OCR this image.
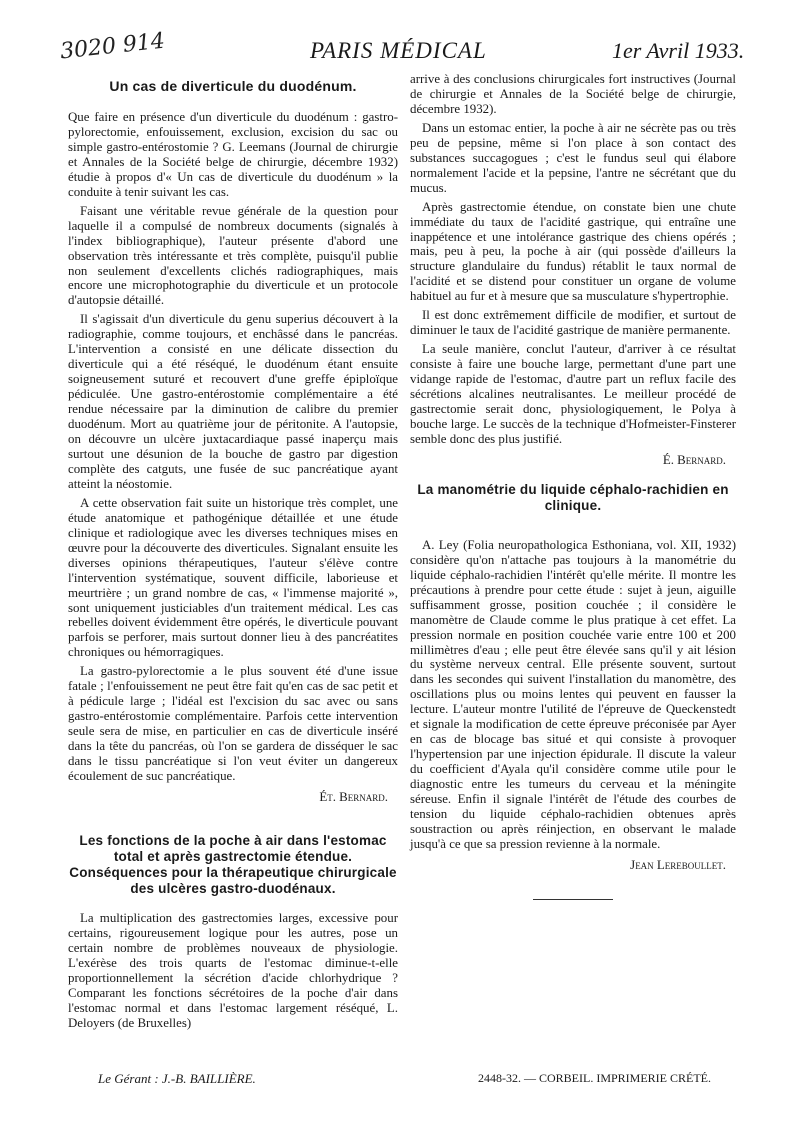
3020 914	PARIS MÉDICAL	1er Avril 1933.
Un cas de diverticule du duodénum.

Que faire en présence d'un diverticule du duodénum : gastro-pylorectomie, enfouissement, exclusion, excision du sac ou simple gastro-entérostomie ? G. Leemans (Journal de chirurgie et Annales de la Société belge de chirurgie, décembre 1932) étudie à propos d'« Un cas de diverticule du duodénum » la conduite à tenir suivant les cas.

Faisant une véritable revue générale de la question pour laquelle il a compulsé de nombreux documents (signalés à l'index bibliographique), l'auteur présente d'abord une observation très intéressante et très complète, puisqu'il publie non seulement d'excellents clichés radiographiques, mais encore une microphotographie du diverticule et un protocole d'autopsie détaillé.

Il s'agissait d'un diverticule du genu superius découvert à la radiographie, comme toujours, et enchâssé dans le pancréas. L'intervention a consisté en une délicate dissection du diverticule qui a été réséqué, le duodénum étant ensuite soigneusement suturé et recouvert d'une greffe épiploïque pédiculée. Une gastro-entérostomie complémentaire a été rendue nécessaire par la diminution de calibre du premier duodénum. Mort au quatrième jour de péritonite. A l'autopsie, on découvre un ulcère juxtacardiaque passé inaperçu mais surtout une désunion de la bouche de gastro par digestion complète des catguts, une fusée de suc pancréatique ayant atteint la néostomie.

A cette observation fait suite un historique très complet, une étude anatomique et pathogénique détaillée et une étude clinique et radiologique avec les diverses techniques mises en œuvre pour la découverte des diverticules. Signalant ensuite les diverses opinions thérapeutiques, l'auteur s'élève contre l'intervention systématique, souvent difficile, laborieuse et meurtrière ; un grand nombre de cas, « l'immense majorité », sont uniquement justiciables d'un traitement médical. Les cas rebelles doivent évidemment être opérés, le diverticule pouvant parfois se perforer, mais surtout donner lieu à des pancréatites chroniques ou hémorragiques.

La gastro-pylorectomie a le plus souvent été d'une issue fatale ; l'enfouissement ne peut être fait qu'en cas de sac petit et à pédicule large ; l'idéal est l'excision du sac avec ou sans gastro-entérostomie complémentaire. Parfois cette intervention seule sera de mise, en particulier en cas de diverticule inséré dans la tête du pancréas, où l'on se gardera de disséquer le sac dans le tissu pancréatique si l'on veut éviter un dangereux écoulement de suc pancréatique.

Ét. Bernard.
Les fonctions de la poche à air dans l'estomac total et après gastrectomie étendue. Conséquences pour la thérapeutique chirurgicale des ulcères gastro-duodénaux.

La multiplication des gastrectomies larges, excessive pour certains, rigoureusement logique pour les autres, pose un certain nombre de problèmes nouveaux de physiologie. L'exérèse des trois quarts de l'estomac diminue-t-elle proportionnellement la sécrétion d'acide chlorhydrique ? Comparant les fonctions sécrétoires de la poche d'air dans l'estomac normal et dans l'estomac largement réséqué, L. Deloyers (de Bruxelles)

arrive à des conclusions chirurgicales fort instructives (Journal de chirurgie et Annales de la Société belge de chirurgie, décembre 1932).

Dans un estomac entier, la poche à air ne sécrète pas ou très peu de pepsine, même si l'on place à son contact des substances succagogues ; c'est le fundus seul qui élabore normalement l'acide et la pepsine, l'antre ne sécrétant que du mucus.

Après gastrectomie étendue, on constate bien une chute immédiate du taux de l'acidité gastrique, qui entraîne une inappétence et une intolérance gastrique des chiens opérés ; mais, peu à peu, la poche à air (qui possède d'ailleurs la structure glandulaire du fundus) rétablit le taux normal de l'acidité et se distend pour constituer un organe de volume habituel au fur et à mesure que sa musculature s'hypertrophie.

Il est donc extrêmement difficile de modifier, et surtout de diminuer le taux de l'acidité gastrique de manière permanente.

La seule manière, conclut l'auteur, d'arriver à ce résultat consiste à faire une bouche large, permettant d'une part une vidange rapide de l'estomac, d'autre part un reflux facile des sécrétions alcalines neutralisantes. Le meilleur procédé de gastrectomie serait donc, physiologiquement, le Polya à bouche large. Le succès de la technique d'Hofmeister-Finsterer semble donc des plus justifié.

É. Bernard.
La manométrie du liquide céphalo-rachidien en clinique.

A. Ley (Folia neuropathologica Esthoniana, vol. XII, 1932) considère qu'on n'attache pas toujours à la manométrie du liquide céphalo-rachidien l'intérêt qu'elle mérite. Il montre les précautions à prendre pour cette étude : sujet à jeun, aiguille suffisamment grosse, position couchée ; il considère le manomètre de Claude comme le plus pratique à cet effet. La pression normale en position couchée varie entre 100 et 200 millimètres d'eau ; elle peut être élevée sans qu'il y ait lésion du système nerveux central. Elle présente souvent, surtout dans les secondes qui suivent l'installation du manomètre, des oscillations plus ou moins lentes qui peuvent en fausser la lecture. L'auteur montre l'utilité de l'épreuve de Queckenstedt et signale la modification de cette épreuve préconisée par Ayer en cas de blocage bas situé et qui consiste à provoquer l'hypertension par une injection épidurale. Il discute la valeur du coefficient d'Ayala qu'il considère comme utile pour le diagnostic entre les tumeurs du cerveau et la méningite séreuse. Enfin il signale l'intérêt de l'étude des courbes de tension du liquide céphalo-rachidien obtenues après soustraction ou après réinjection, en observant le malade jusqu'à ce que sa pression revienne à la normale.

Jean Lereboullet.
Le Gérant : J.-B. BAILLIÈRE.	2448-32. — CORBEIL. IMPRIMERIE CRÉTÉ.
